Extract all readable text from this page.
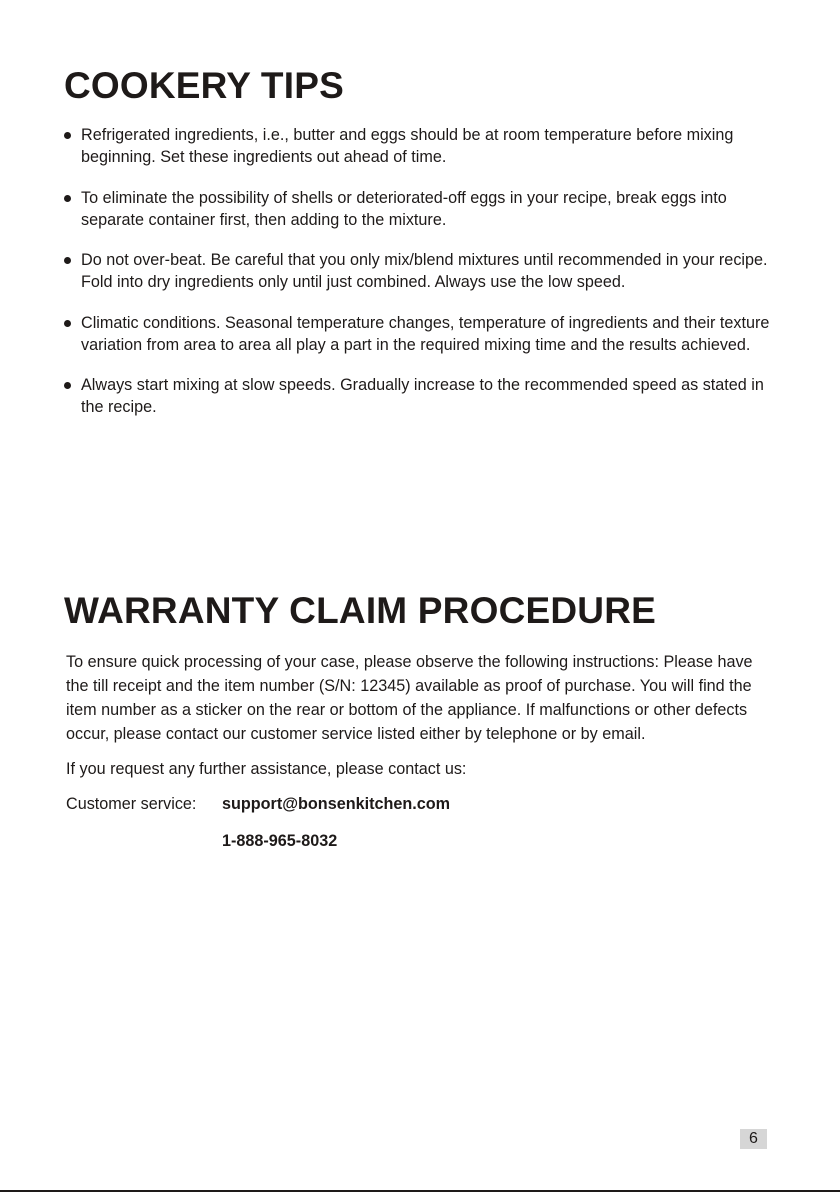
COOKERY TIPS
Refrigerated ingredients, i.e., butter and eggs should be at room temperature before mixing beginning. Set these ingredients out ahead of time.
To eliminate the possibility of shells or deteriorated-off eggs in your recipe, break eggs into separate container first, then adding to the mixture.
Do not over-beat. Be careful that you only mix/blend mixtures until recommended in your recipe. Fold into dry ingredients only until just combined. Always use the low speed.
Climatic conditions. Seasonal temperature changes, temperature of ingredients and their texture variation from area to area all play a part in the required mixing time and the results achieved.
Always start mixing at slow speeds. Gradually increase to the recommended speed as stated in the recipe.
WARRANTY CLAIM PROCEDURE

To ensure quick processing of your case, please observe the following instructions: Please have the till receipt and the item number (S/N: 12345) available as proof of purchase. You will find the item number as a sticker on the rear or bottom of the appliance. If malfunctions or other defects occur, please contact our customer service listed either by telephone or by email.

If you request any further assistance, please contact us:

Customer service:	support@bonsenkitchen.com
1-888-965-8032
6
